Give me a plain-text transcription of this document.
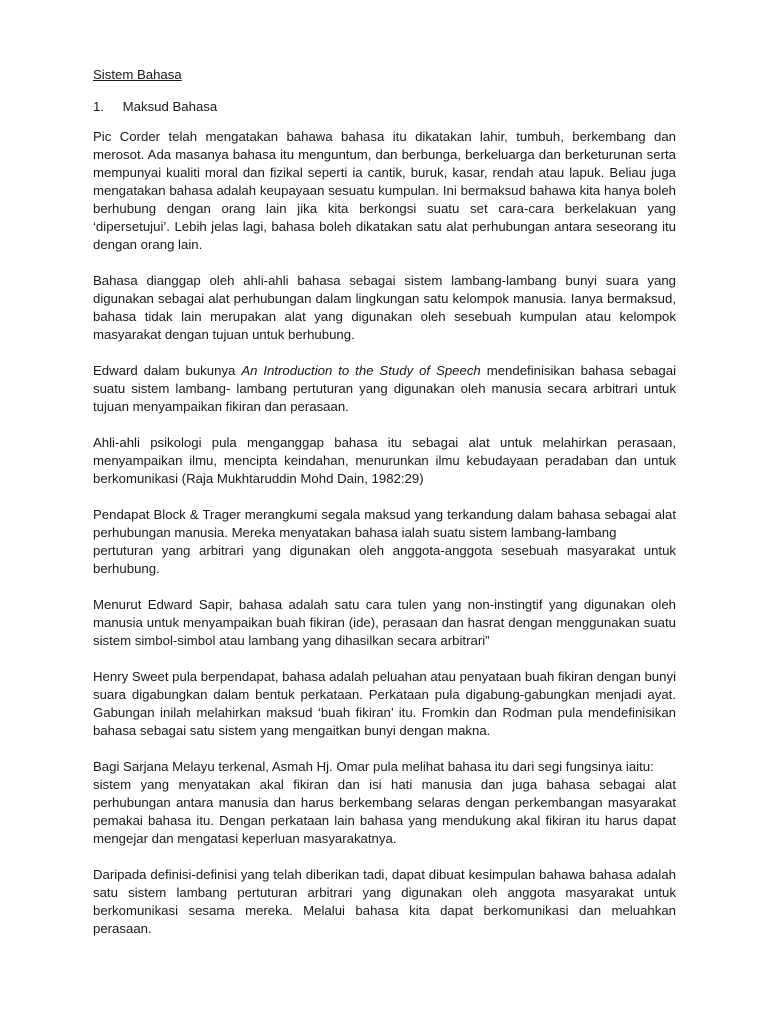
Sistem Bahasa
1. Maksud Bahasa

Pic Corder telah mengatakan bahawa bahasa itu dikatakan lahir, tumbuh, berkembang dan merosot. Ada masanya bahasa itu menguntum, dan berbunga, berkeluarga dan berketurunan serta mempunyai kualiti moral dan fizikal seperti ia cantik, buruk, kasar, rendah atau lapuk. Beliau juga mengatakan bahasa adalah keupayaan sesuatu kumpulan. Ini bermaksud bahawa kita hanya boleh berhubung dengan orang lain jika kita berkongsi suatu set cara-cara berkelakuan yang ‘dipersetujui’. Lebih jelas lagi, bahasa boleh dikatakan satu alat perhubungan antara seseorang itu dengan orang lain.

Bahasa dianggap oleh ahli-ahli bahasa sebagai sistem lambang-lambang bunyi suara yang digunakan sebagai alat perhubungan dalam lingkungan satu kelompok manusia. Ianya bermaksud, bahasa tidak lain merupakan alat yang digunakan oleh sesebuah kumpulan atau kelompok masyarakat dengan tujuan untuk berhubung.

Edward dalam bukunya An Introduction to the Study of Speech mendefinisikan bahasa sebagai suatu sistem lambang- lambang pertuturan yang digunakan oleh manusia secara arbitrari untuk tujuan menyampaikan fikiran dan perasaan.

Ahli-ahli psikologi pula menganggap bahasa itu sebagai alat untuk melahirkan perasaan, menyampaikan ilmu, mencipta keindahan, menurunkan ilmu kebudayaan peradaban dan untuk berkomunikasi (Raja Mukhtaruddin Mohd Dain, 1982:29)

Pendapat Block & Trager merangkumi segala maksud yang terkandung dalam bahasa sebagai alat perhubungan manusia. Mereka menyatakan bahasa ialah suatu sistem lambang-lambang
pertuturan yang arbitrari yang digunakan oleh anggota-anggota sesebuah masyarakat untuk berhubung.

Menurut Edward Sapir, bahasa adalah satu cara tulen yang non-instingtif yang digunakan oleh manusia untuk menyampaikan buah fikiran (ide), perasaan dan hasrat dengan menggunakan suatu sistem simbol-simbol atau lambang yang dihasilkan secara arbitrari”

Henry Sweet pula berpendapat, bahasa adalah peluahan atau penyataan buah fikiran dengan bunyi suara digabungkan dalam bentuk perkataan. Perkataan pula digabung-gabungkan menjadi ayat. Gabungan inilah melahirkan maksud ‘buah fikiran’ itu. Fromkin dan Rodman pula mendefinisikan bahasa sebagai satu sistem yang mengaitkan bunyi dengan makna.

Bagi Sarjana Melayu terkenal, Asmah Hj. Omar pula melihat bahasa itu dari segi fungsinya iaitu:
sistem yang menyatakan akal fikiran dan isi hati manusia dan juga bahasa sebagai alat perhubungan antara manusia dan harus berkembang selaras dengan perkembangan masyarakat pemakai bahasa itu. Dengan perkataan lain bahasa yang mendukung akal fikiran itu harus dapat mengejar dan mengatasi keperluan masyarakatnya.

Daripada definisi-definisi yang telah diberikan tadi, dapat dibuat kesimpulan bahawa bahasa adalah satu sistem lambang pertuturan arbitrari yang digunakan oleh anggota masyarakat untuk berkomunikasi sesama mereka. Melalui bahasa kita dapat berkomunikasi dan meluahkan perasaan.
